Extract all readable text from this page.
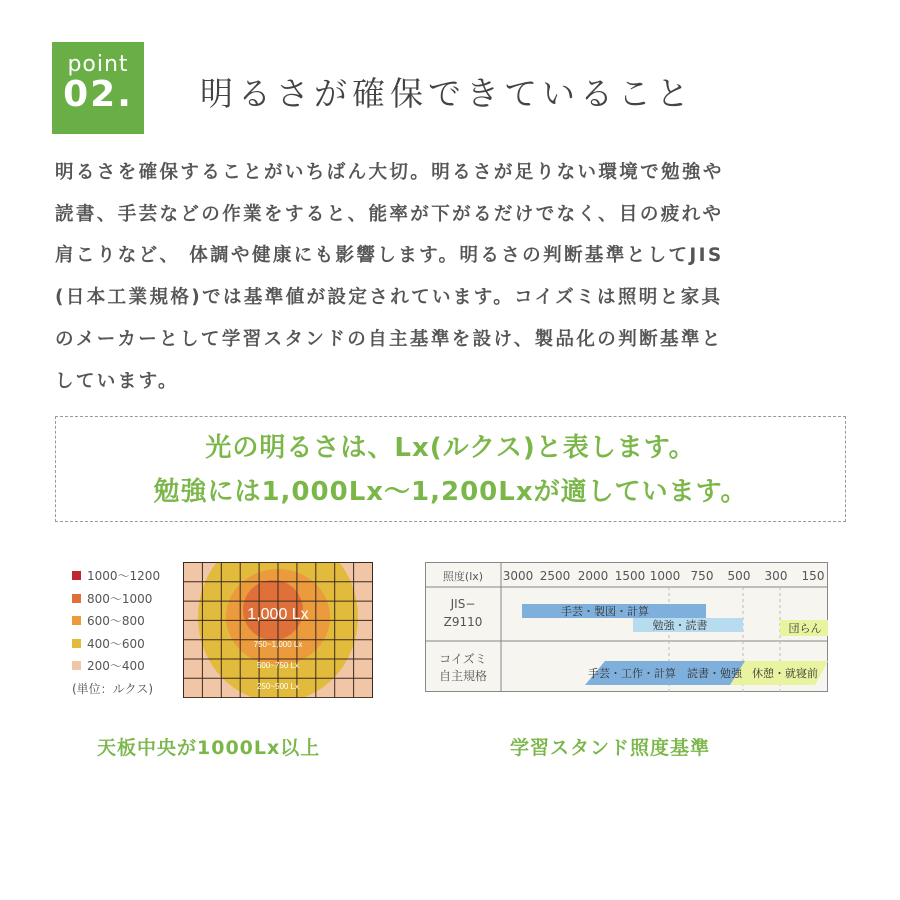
point
02.	明るさが確保できていること
明るさを確保することがいちばん大切。明るさが足りない環境で勉強や
読書、手芸などの作業をすると、能率が下がるだけでなく、目の疲れや
肩こりなど、 体調や健康にも影響します。明るさの判断基準としてJIS
(日本工業規格)では基準値が設定されています。コイズミは照明と家具
のメーカーとして学習スタンドの自主基準を設け、製品化の判断基準と
しています。
光の明るさは、Lx(ルクス)と表します。
勉強には1,000Lx～1,200Lxが適しています。
1000～1200
800～1000
600～800
400～600
200～400
(単位：ルクス)
1,000 Lx
750~1,000 Lx
500~750 Lx
250~500 Lx
照度(lx) 3000 2500 2000 1500 1000 750 500 300 150
JIS−
Z9110
コイズミ
自主規格
手芸・製図・計算
勉強・読書	団らん
手芸・工作・計算　読書・勉強 休憩・就寝前
天板中央が1000Lx以上	学習スタンド照度基準
